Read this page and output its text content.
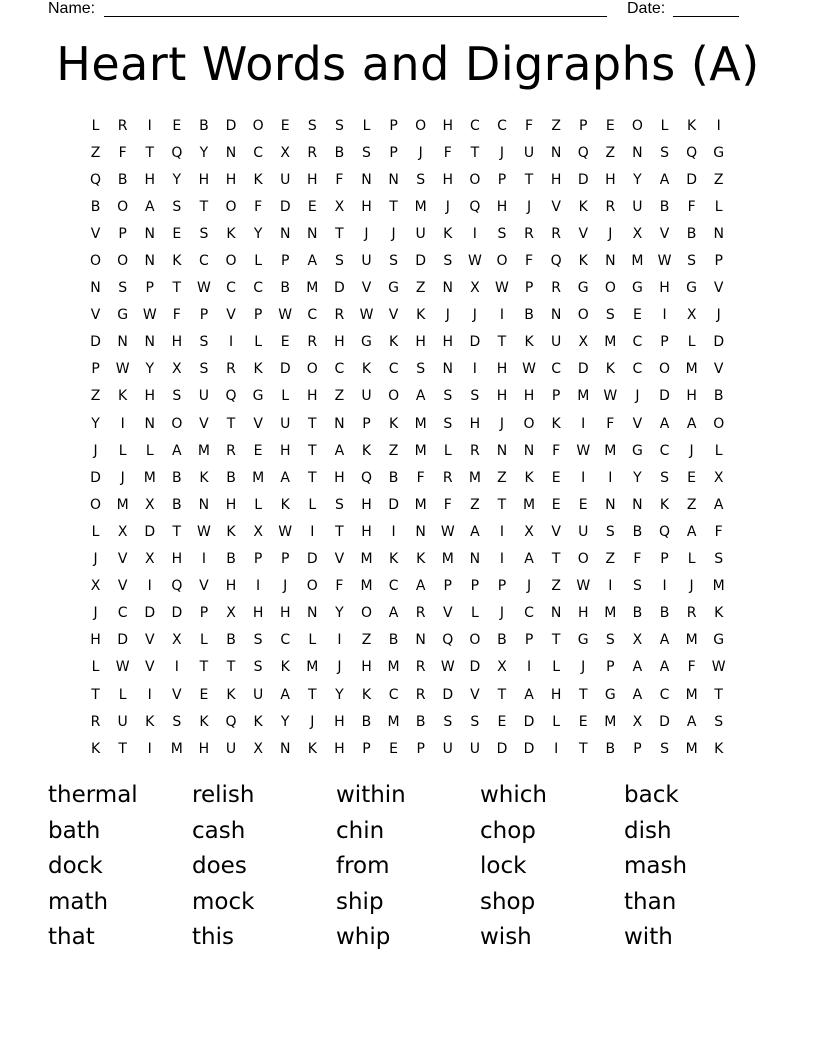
Name:	Date:
Heart Words and Digraphs (A)
L	R	I	E	B	D	O	E	S	S	L	P	O	H	C	C	F	Z	P	E	O	L	K	I
Z	F	T	Q	Y	N	C	X	R	B	S	P	J	F	T	J	U	N	Q	Z	N	S	Q	G
Q	B	H	Y	H	H	K	U	H	F	N	N	S	H	O	P	T	H	D	H	Y	A	D	Z
B	O	A	S	T	O	F	D	E	X	H	T	M	J	Q	H	J	V	K	R	U	B	F	L
V	P	N	E	S	K	Y	N	N	T	J	J	U	K	I	S	R	R	V	J	X	V	B	N
O	O	N	K	C	O	L	P	A	S	U	S	D	S	W	O	F	Q	K	N	M	W	S	P
N	S	P	T	W	C	C	B	M	D	V	G	Z	N	X	W	P	R	G	O	G	H	G	V
V	G	W	F	P	V	P	W	C	R	W	V	K	J	J	I	B	N	O	S	E	I	X	J
D	N	N	H	S	I	L	E	R	H	G	K	H	H	D	T	K	U	X	M	C	P	L	D
P	W	Y	X	S	R	K	D	O	C	K	C	S	N	I	H	W	C	D	K	C	O	M	V
Z	K	H	S	U	Q	G	L	H	Z	U	O	A	S	S	H	H	P	M	W	J	D	H	B
Y	I	N	O	V	T	V	U	T	N	P	K	M	S	H	J	O	K	I	F	V	A	A	O
J	L	L	A	M	R	E	H	T	A	K	Z	M	L	R	N	N	F	W	M	G	C	J	L
D	J	M	B	K	B	M	A	T	H	Q	B	F	R	M	Z	K	E	I	I	Y	S	E	X
O	M	X	B	N	H	L	K	L	S	H	D	M	F	Z	T	M	E	E	N	N	K	Z	A
L	X	D	T	W	K	X	W	I	T	H	I	N	W	A	I	X	V	U	S	B	Q	A	F
J	V	X	H	I	B	P	P	D	V	M	K	K	M	N	I	A	T	O	Z	F	P	L	S
X	V	I	Q	V	H	I	J	O	F	M	C	A	P	P	P	J	Z	W	I	S	I	J	M
J	C	D	D	P	X	H	H	N	Y	O	A	R	V	L	J	C	N	H	M	B	B	R	K
H	D	V	X	L	B	S	C	L	I	Z	B	N	Q	O	B	P	T	G	S	X	A	M	G
L	W	V	I	T	T	S	K	M	J	H	M	R	W	D	X	I	L	J	P	A	A	F	W
T	L	I	V	E	K	U	A	T	Y	K	C	R	D	V	T	A	H	T	G	A	C	M	T
R	U	K	S	K	Q	K	Y	J	H	B	M	B	S	S	E	D	L	E	M	X	D	A	S
K	T	I	M	H	U	X	N	K	H	P	E	P	U	U	D	D	I	T	B	P	S	M	K
thermal	relish	within	which	back
bath	cash	chin	chop	dish
dock	does	from	lock	mash
math	mock	ship	shop	than
that	this	whip	wish	with
